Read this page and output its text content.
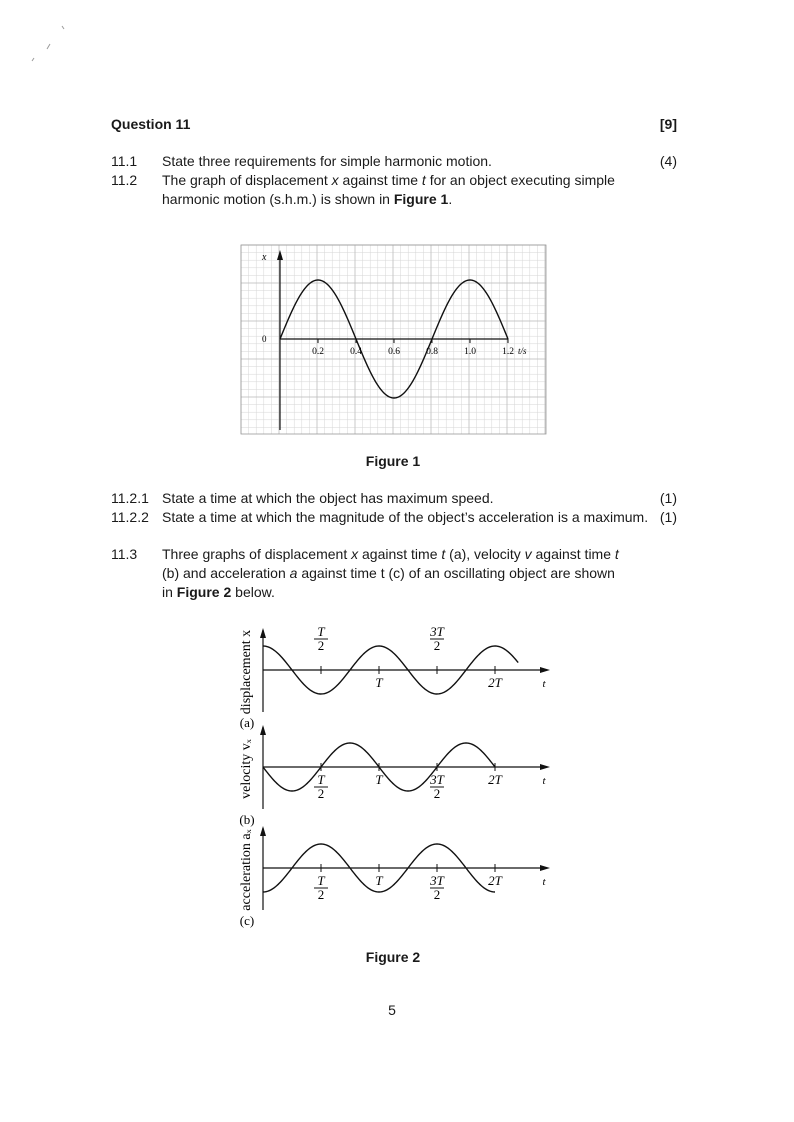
Question 11	[9]
11.1 State three requirements for simple harmonic motion.	(4)
11.2 The graph of displacement x against time t for an object executing simple harmonic motion (s.h.m.) is shown in Figure 1.
0.2	0.4	0.6	0.8	1.0	1.2
x
t/s
0
Figure 1
11.2.1 State a time at which the object has maximum speed.	(1)
11.2.2 State a time at which the magnitude of the object’s acceleration is a maximum. (1)
11.3 Three graphs of displacement x against time t (a), velocity v against time t (b) and acceleration a against time t (c) of an oscillating object are shown in Figure 2 below.
T
2
3T
2
T	2T	t
displacement x
(a)
T
2
T	3T
2
2T	t
velocity vₓ
(b)
T
2
T	3T
2
2T	t
acceleration aₓ
(c)
Figure 2
5
